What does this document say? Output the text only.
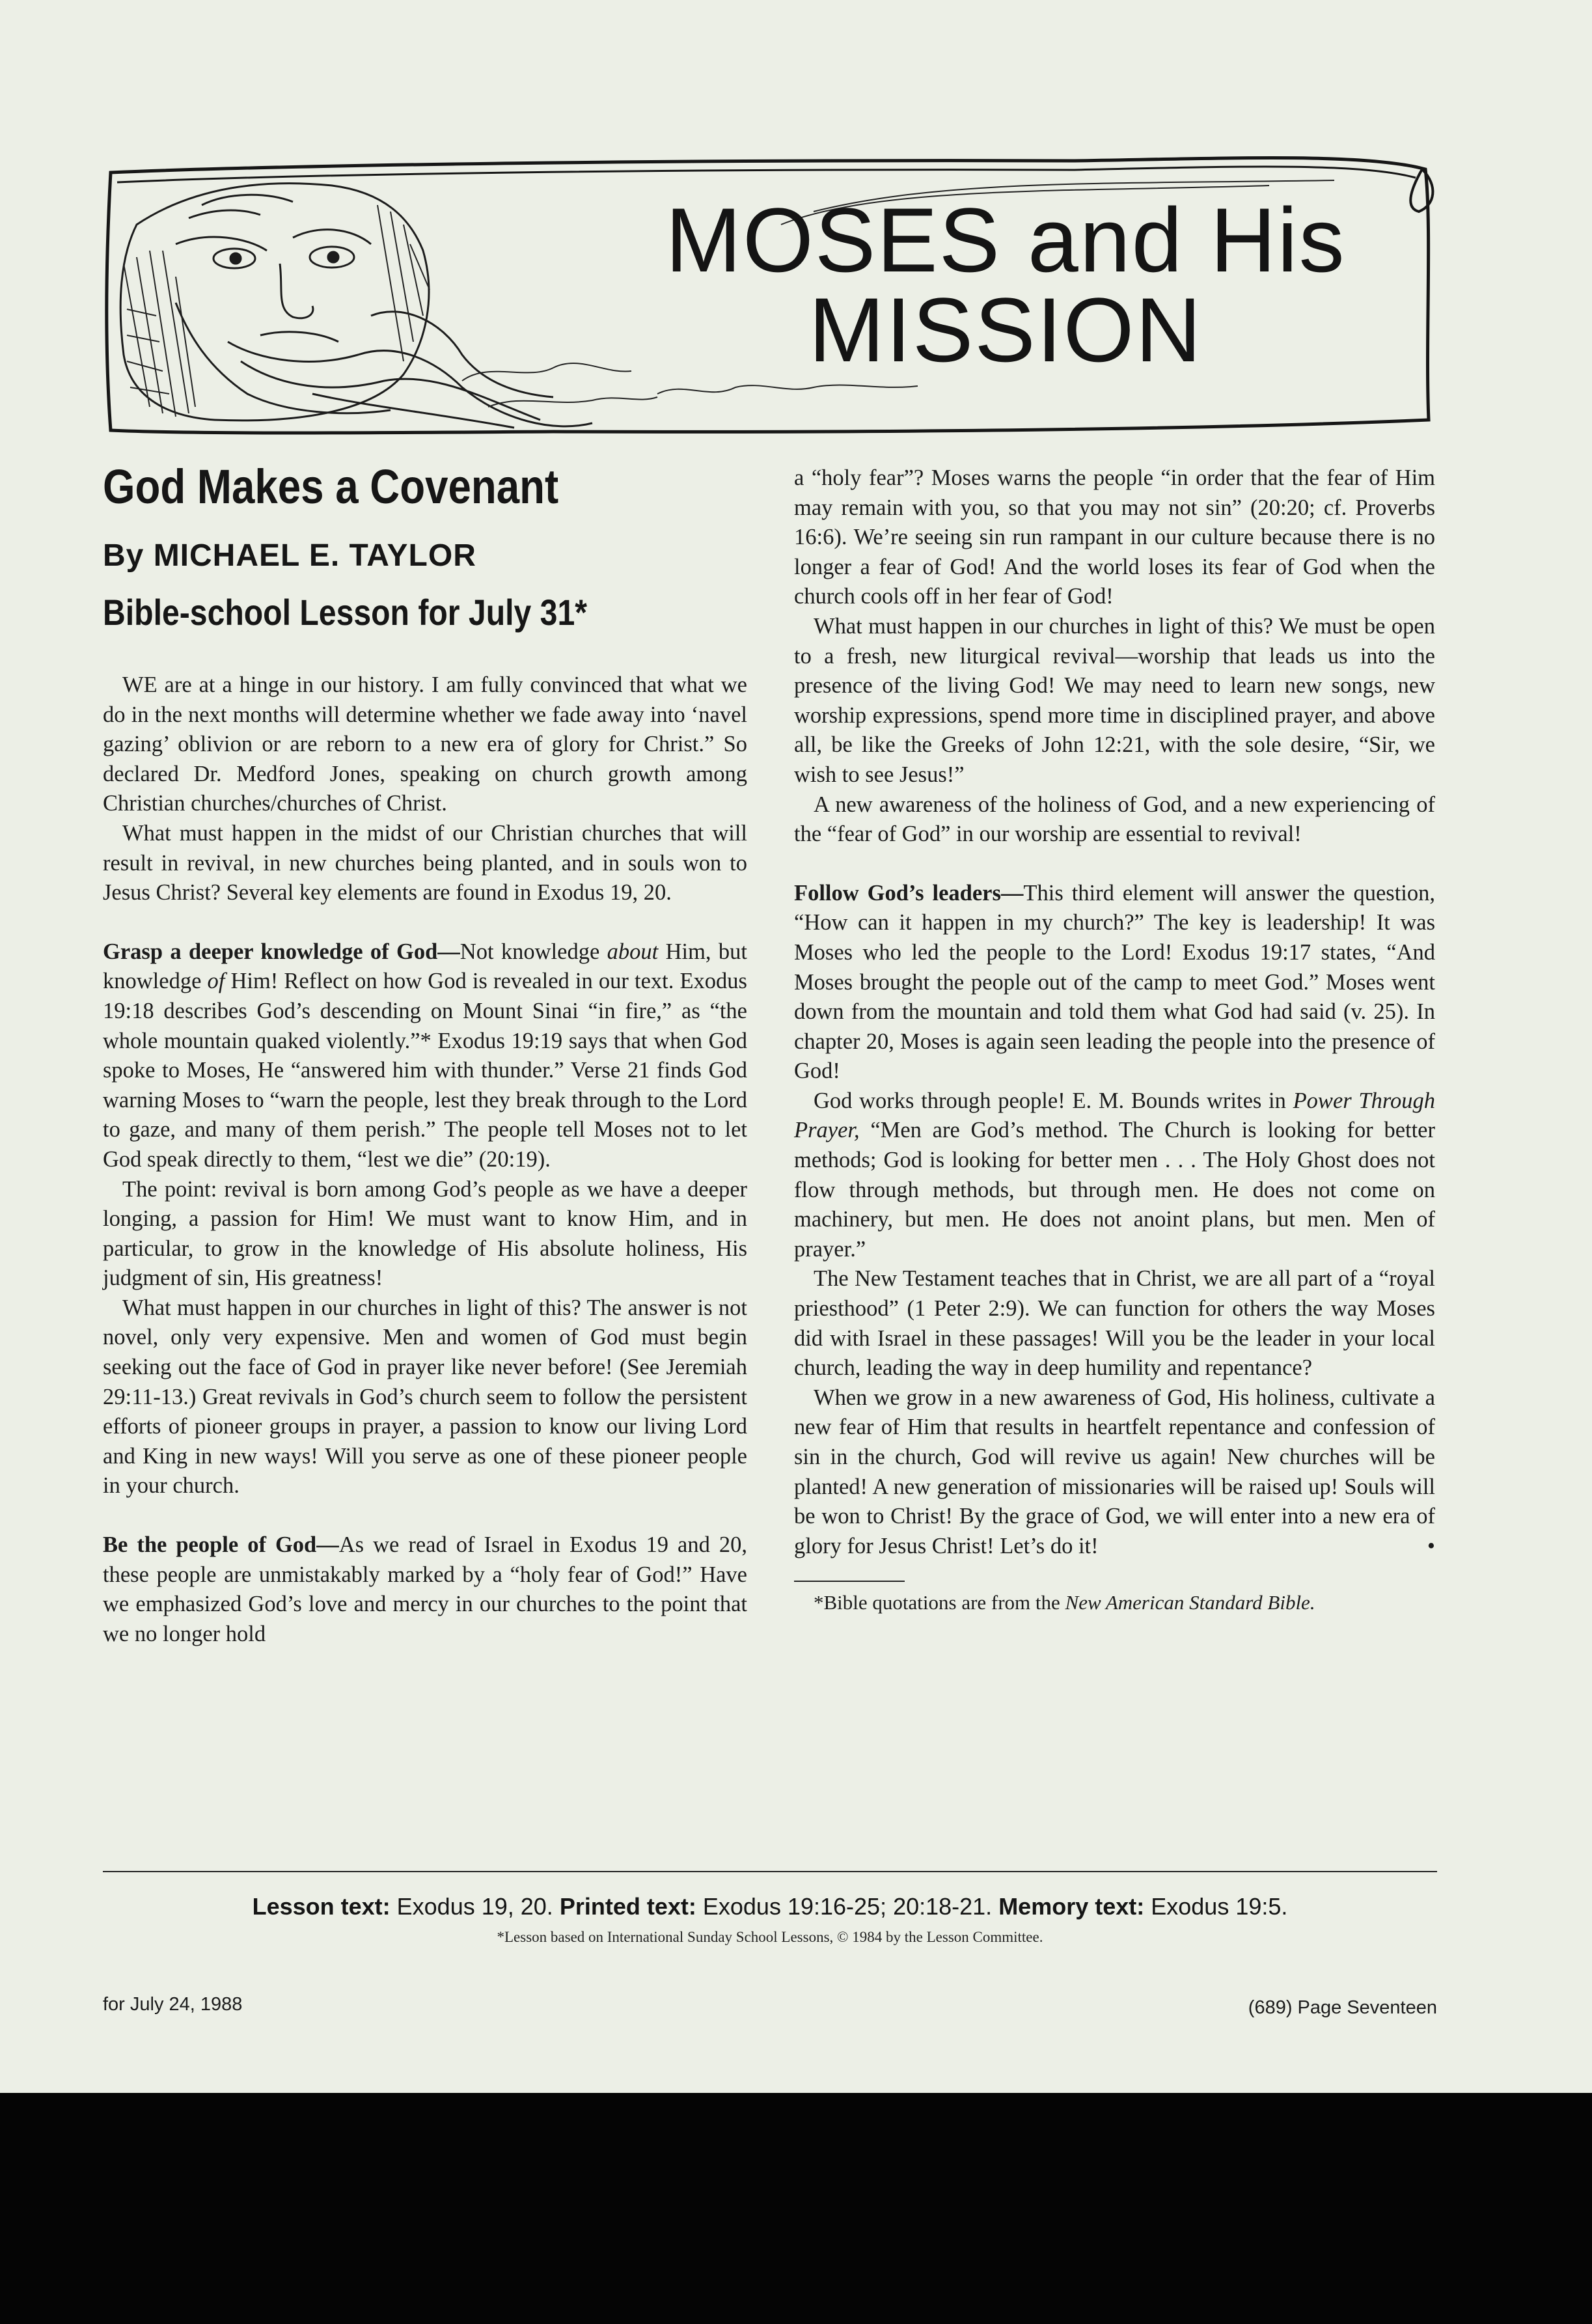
MOSES and His
MISSION
God Makes a Covenant
By MICHAEL E. TAYLOR
Bible-school Lesson for July 31*

WE are at a hinge in our history. I am fully convinced that what we do in the next months will determine whether we fade away into ‘navel gazing’ oblivion or are reborn to a new era of glory for Christ.” So declared Dr. Medford Jones, speaking on church growth among Christian churches/churches of Christ.

What must happen in the midst of our Christian churches that will result in revival, in new churches being planted, and in souls won to Jesus Christ? Several key elements are found in Exodus 19, 20.

Grasp a deeper knowledge of God—Not knowledge about Him, but knowledge of Him! Reflect on how God is revealed in our text. Exodus 19:18 describes God’s descending on Mount Sinai “in fire,” as “the whole mountain quaked violently.”* Exodus 19:19 says that when God spoke to Moses, He “answered him with thunder.” Verse 21 finds God warning Moses to “warn the people, lest they break through to the Lord to gaze, and many of them perish.” The people tell Moses not to let God speak directly to them, “lest we die” (20:19).

The point: revival is born among God’s people as we have a deeper longing, a passion for Him! We must want to know Him, and in particular, to grow in the knowledge of His absolute holiness, His judgment of sin, His greatness!

What must happen in our churches in light of this? The answer is not novel, only very expensive. Men and women of God must begin seeking out the face of God in prayer like never before! (See Jeremiah 29:11-13.) Great revivals in God’s church seem to follow the persistent efforts of pioneer groups in prayer, a passion to know our living Lord and King in new ways! Will you serve as one of these pioneer people in your church.

Be the people of God—As we read of Israel in Exodus 19 and 20, these people are unmistakably marked by a “holy fear of God!” Have we emphasized God’s love and mercy in our churches to the point that we no longer hold

a “holy fear”? Moses warns the people “in order that the fear of Him may remain with you, so that you may not sin” (20:20; cf. Proverbs 16:6). We’re seeing sin run rampant in our culture because there is no longer a fear of God! And the world loses its fear of God when the church cools off in her fear of God!

What must happen in our churches in light of this? We must be open to a fresh, new liturgical revival—worship that leads us into the presence of the living God! We may need to learn new songs, new worship expressions, spend more time in disciplined prayer, and above all, be like the Greeks of John 12:21, with the sole desire, “Sir, we wish to see Jesus!”

A new awareness of the holiness of God, and a new experiencing of the “fear of God” in our worship are essential to revival!

Follow God’s leaders—This third element will answer the question, “How can it happen in my church?” The key is leadership! It was Moses who led the people to the Lord! Exodus 19:17 states, “And Moses brought the people out of the camp to meet God.” Moses went down from the mountain and told them what God had said (v. 25). In chapter 20, Moses is again seen leading the people into the presence of God!

God works through people! E. M. Bounds writes in Power Through Prayer, “Men are God’s method. The Church is looking for better methods; God is looking for better men . . . The Holy Ghost does not flow through methods, but through men. He does not come on machinery, but men. He does not anoint plans, but men. Men of prayer.”

The New Testament teaches that in Christ, we are all part of a “royal priesthood” (1 Peter 2:9). We can function for others the way Moses did with Israel in these passages! Will you be the leader in your local church, leading the way in deep humility and repentance?

When we grow in a new awareness of God, His holiness, cultivate a new fear of Him that results in heartfelt repentance and confession of sin in the church, God will revive us again! New churches will be planted! A new generation of missionaries will be raised up! Souls will be won to Christ! By the grace of God, we will enter into a new era of glory for Jesus Christ! Let’s do it!	•

*Bible quotations are from the New American Standard Bible.

Lesson text: Exodus 19, 20. Printed text: Exodus 19:16-25; 20:18-21. Memory text: Exodus 19:5.
*Lesson based on International Sunday School Lessons, © 1984 by the Lesson Committee.
for July 24, 1988	(689) Page Seventeen
